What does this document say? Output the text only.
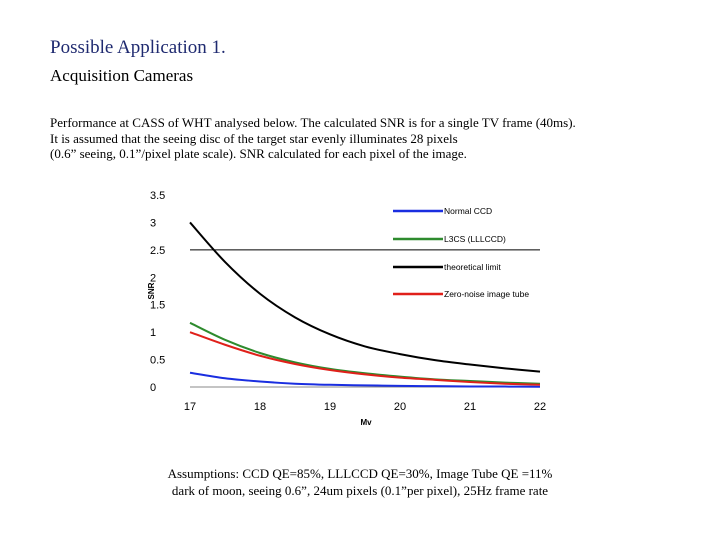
Possible Application 1.
Acquisition Cameras
Performance at CASS of WHT analysed below. The calculated SNR is for a single TV frame (40ms).
It is assumed that the seeing disc of the target star evenly illuminates 28 pixels
(0.6” seeing, 0.1”/pixel plate scale). SNR calculated for each pixel of the image.
0
0.5
1
1.5
2
2.5
3
3.5
17	18	19	20	21	22
Mv
SNR
Normal CCD
L3CS (LLLCCD)
theoretical limit
Zero-noise image tube
Assumptions: CCD QE=85%, LLLCCD QE=30%, Image Tube QE =11%
dark of moon, seeing 0.6”, 24um pixels (0.1”per pixel), 25Hz frame rate
